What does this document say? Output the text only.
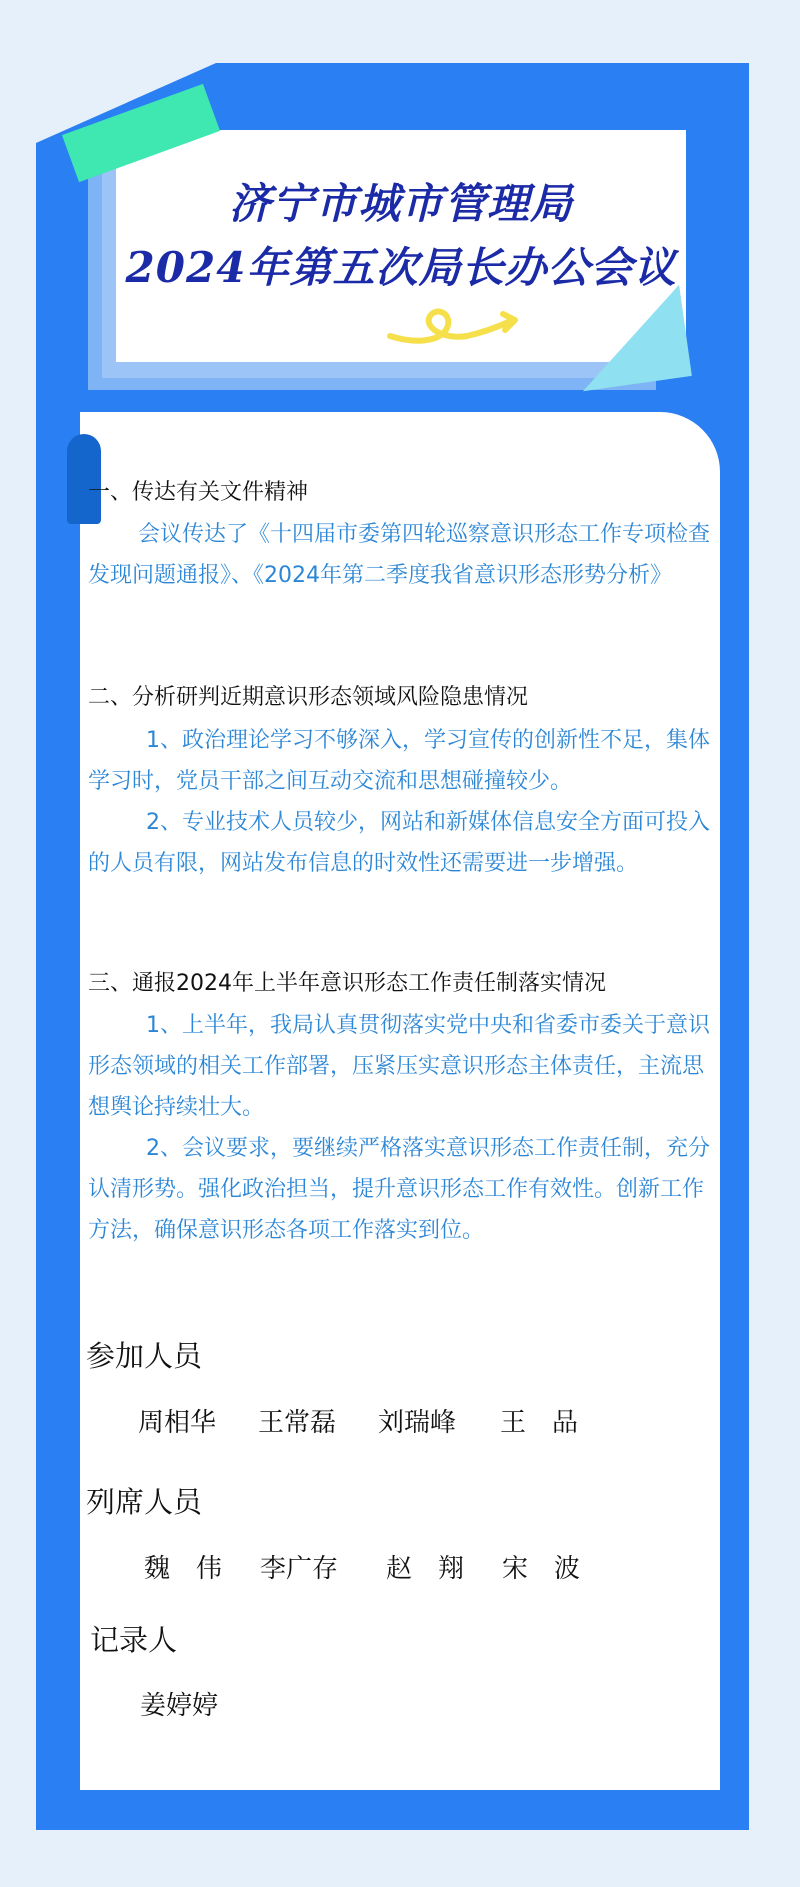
济宁市城市管理局
2024年第五次局长办公会议
一、传达有关文件精神

会议传达了《十四届市委第四轮巡察意识形态工作专项检查发现问题通报》、《2024年第二季度我省意识形态形势分析》

二、分析研判近期意识形态领域风险隐患情况

1、政治理论学习不够深入，学习宣传的创新性不足，集体学习时，党员干部之间互动交流和思想碰撞较少。

2、专业技术人员较少，网站和新媒体信息安全方面可投入的人员有限，网站发布信息的时效性还需要进一步增强。

三、通报2024年上半年意识形态工作责任制落实情况

1、上半年，我局认真贯彻落实党中央和省委市委关于意识形态领域的相关工作部署，压紧压实意识形态主体责任，主流思想舆论持续壮大。

2、会议要求，要继续严格落实意识形态工作责任制，充分认清形势。强化政治担当，提升意识形态工作有效性。创新工作方法，确保意识形态各项工作落实到位。

参加人员
周相华 王常磊 刘瑞峰 王　品
列席人员
魏　伟 李广存 赵　翔 宋　波
记录人
姜婷婷
